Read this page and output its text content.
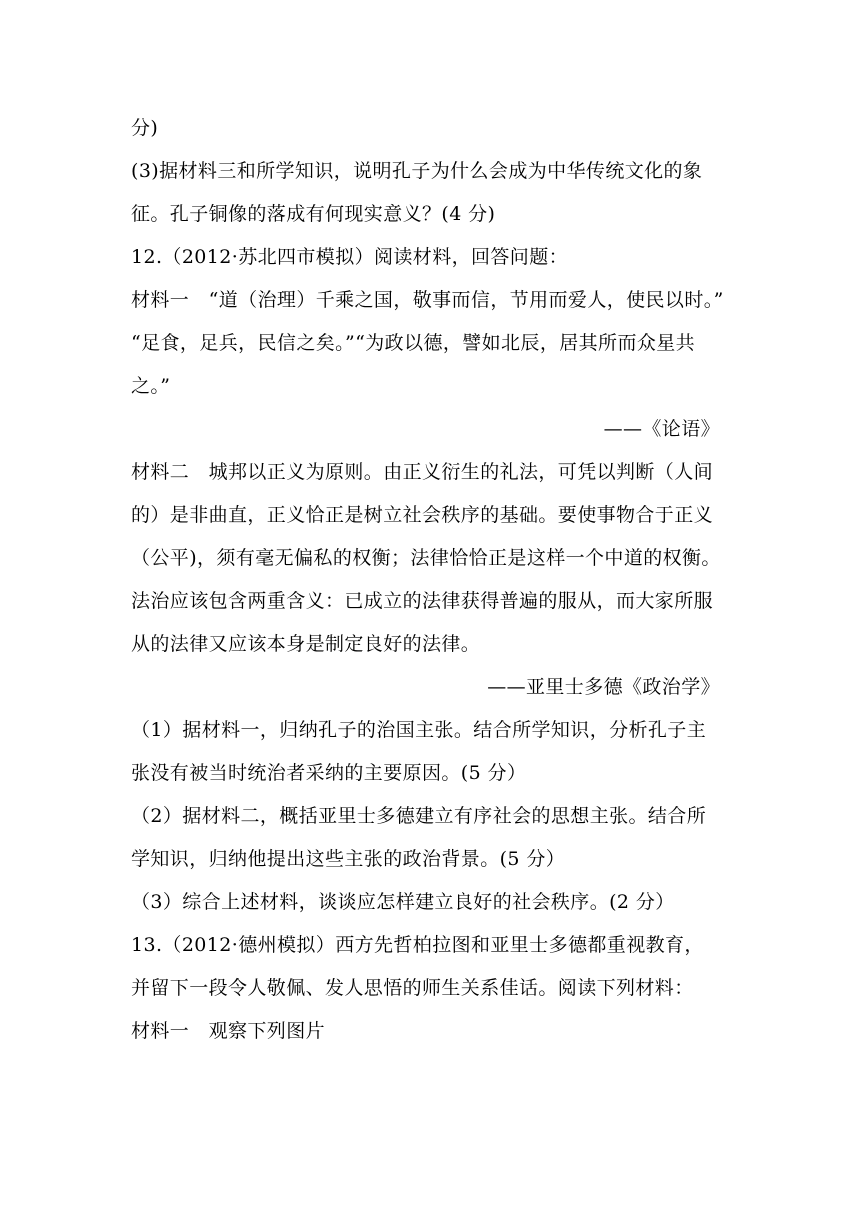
分)
(3)据材料三和所学知识，说明孔子为什么会成为中华传统文化的象
征。孔子铜像的落成有何现实意义？(4 分)
12.（2012·苏北四市模拟）阅读材料，回答问题：
材料一　“道（治理）千乘之国，敬事而信，节用而爱人，使民以时。”
“足食，足兵，民信之矣。”“为政以德，譬如北辰，居其所而众星共
之。”
——《论语》
材料二　城邦以正义为原则。由正义衍生的礼法，可凭以判断（人间
的）是非曲直，正义恰正是树立社会秩序的基础。要使事物合于正义
（公平)，须有毫无偏私的权衡；法律恰恰正是这样一个中道的权衡。
法治应该包含两重含义：已成立的法律获得普遍的服从，而大家所服
从的法律又应该本身是制定良好的法律。
——亚里士多德《政治学》
（1）据材料一，归纳孔子的治国主张。结合所学知识，分析孔子主
张没有被当时统治者采纳的主要原因。(5 分）
（2）据材料二，概括亚里士多德建立有序社会的思想主张。结合所
学知识，归纳他提出这些主张的政治背景。(5 分）
（3）综合上述材料，谈谈应怎样建立良好的社会秩序。(2 分）
13.（2012·德州模拟）西方先哲柏拉图和亚里士多德都重视教育，
并留下一段令人敬佩、发人思悟的师生关系佳话。阅读下列材料：
材料一　观察下列图片
